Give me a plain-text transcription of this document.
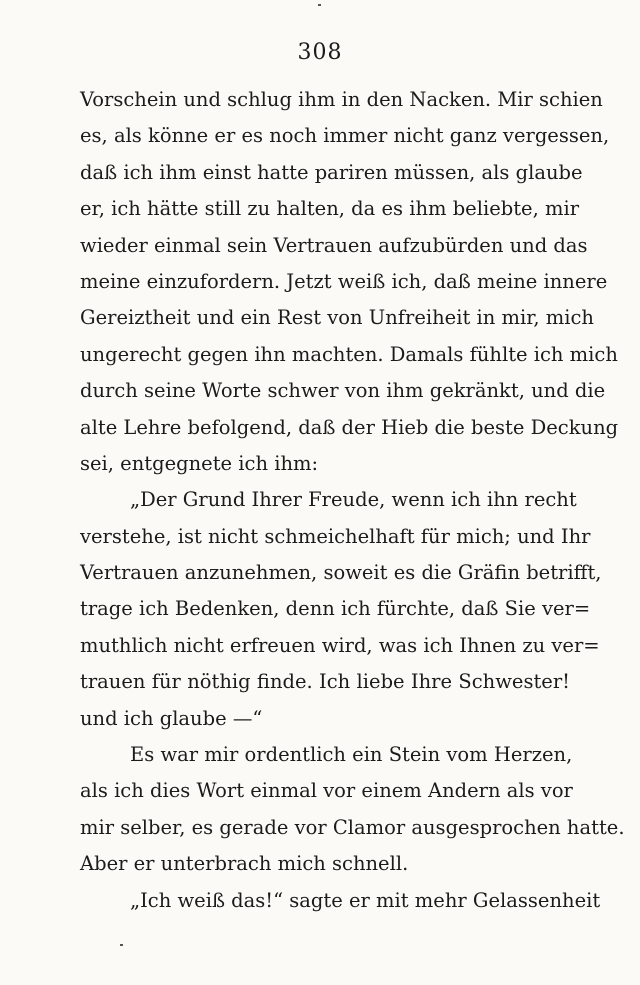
308
Vorschein und schlug ihm in den Nacken. Mir schien
es, als könne er es noch immer nicht ganz vergessen,
daß ich ihm einst hatte pariren müssen, als glaube
er, ich hätte still zu halten, da es ihm beliebte, mir
wieder einmal sein Vertrauen aufzubürden und das
meine einzufordern. Jetzt weiß ich, daß meine innere
Gereiztheit und ein Rest von Unfreiheit in mir, mich
ungerecht gegen ihn machten. Damals fühlte ich mich
durch seine Worte schwer von ihm gekränkt, und die
alte Lehre befolgend, daß der Hieb die beste Deckung
sei, entgegnete ich ihm:
„Der Grund Ihrer Freude, wenn ich ihn recht
verstehe, ist nicht schmeichelhaft für mich; und Ihr
Vertrauen anzunehmen, soweit es die Gräfin betrifft,
trage ich Bedenken, denn ich fürchte, daß Sie ver=
muthlich nicht erfreuen wird, was ich Ihnen zu ver=
trauen für nöthig finde. Ich liebe Ihre Schwester!
und ich glaube —“
Es war mir ordentlich ein Stein vom Herzen,
als ich dies Wort einmal vor einem Andern als vor
mir selber, es gerade vor Clamor ausgesprochen hatte.
Aber er unterbrach mich schnell.
„Ich weiß das!“ sagte er mit mehr Gelassenheit
